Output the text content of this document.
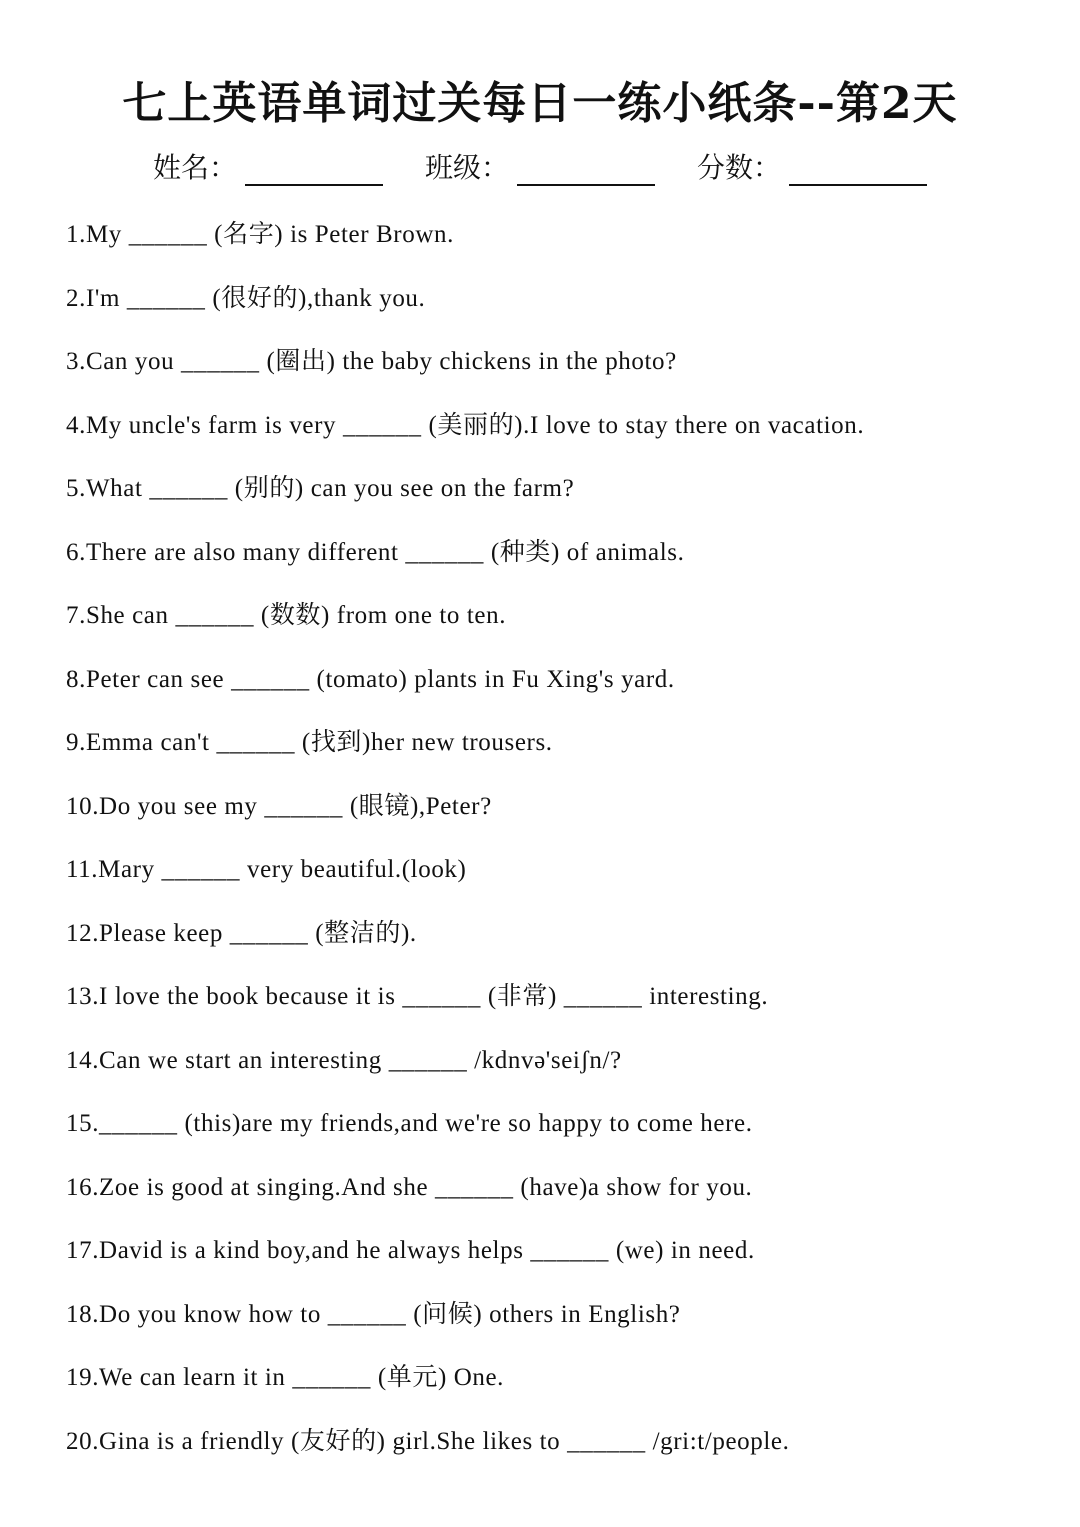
七上英语单词过关每日一练小纸条--第2天
姓名：	班级：	分数：
1.My ______ (名字) is Peter Brown.
2.I'm ______ (很好的),thank you.
3.Can you ______ (圈出) the baby chickens in the photo?
4.My uncle's farm is very ______ (美丽的).I love to stay there on vacation.
5.What ______ (别的) can you see on the farm?
6.There are also many different ______ (种类) of animals.
7.She can ______ (数数) from one to ten.
8.Peter can see ______ (tomato) plants in Fu Xing's yard.
9.Emma can't ______ (找到)her new trousers.
10.Do you see my ______ (眼镜),Peter?
11.Mary ______ very beautiful.(look)
12.Please keep ______ (整洁的).
13.I love the book because it is ______ (非常) ______ interesting.
14.Can we start an interesting ______ /kdnvə'seiʃn/?
15.______ (this)are my friends,and we're so happy to come here.
16.Zoe is good at singing.And she ______ (have)a show for you.
17.David is a kind boy,and he always helps ______ (we) in need.
18.Do you know how to ______ (问候) others in English?
19.We can learn it in ______ (单元) One.
20.Gina is a friendly (友好的) girl.She likes to ______ /gri:t/people.
